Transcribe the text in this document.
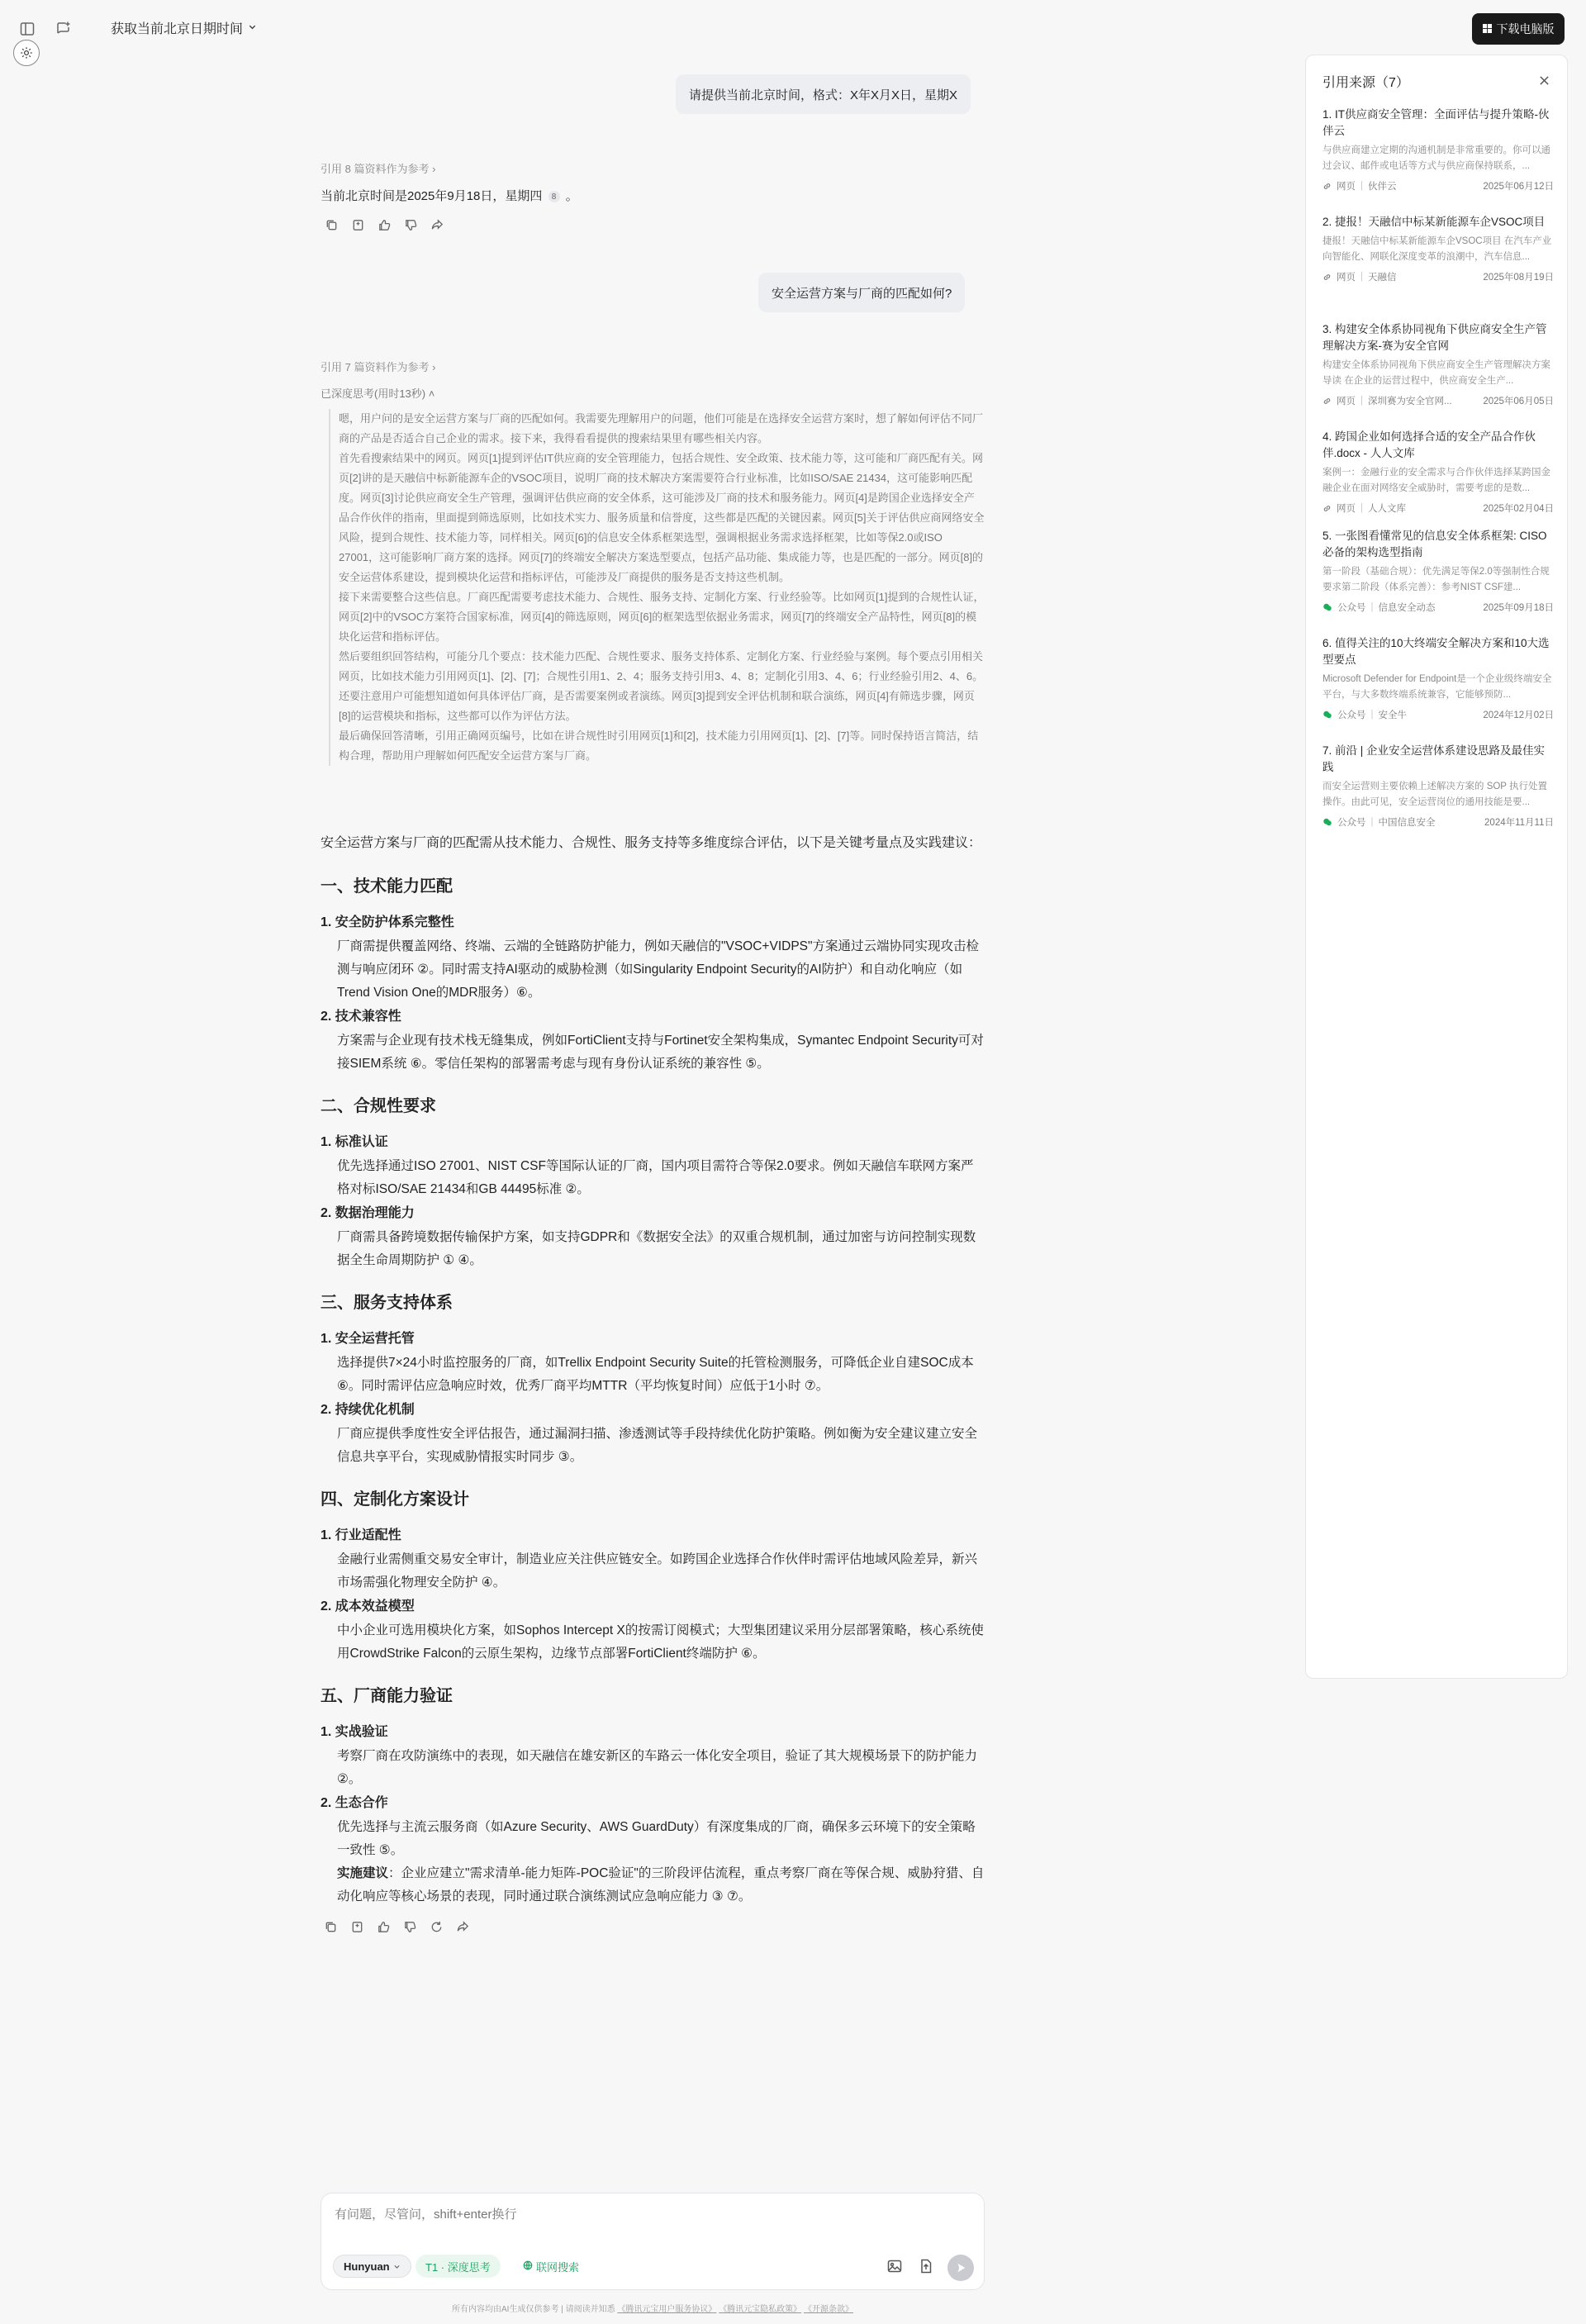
获取当前北京日期时间	下载电脑版
请提供当前北京时间，格式：X年X月X日，星期X
引用 8 篇资料作为参考 ›
当前北京时间是2025年9月18日，星期四 8 。
安全运营方案与厂商的匹配如何?
引用 7 篇资料作为参考 ›
已深度思考(用时13秒) ˄

嗯，用户问的是安全运营方案与厂商的匹配如何。我需要先理解用户的问题，他们可能是在选择安全运营方案时，想了解如何评估不同厂商的产品是否适合自己企业的需求。接下来，我得看看提供的搜索结果里有哪些相关内容。

首先看搜索结果中的网页。网页[1]提到评估IT供应商的安全管理能力，包括合规性、安全政策、技术能力等，这可能和厂商匹配有关。网页[2]讲的是天融信中标新能源车企的VSOC项目，说明厂商的技术解决方案需要符合行业标准，比如ISO/SAE 21434，这可能影响匹配度。网页[3]讨论供应商安全生产管理，强调评估供应商的安全体系，这可能涉及厂商的技术和服务能力。网页[4]是跨国企业选择安全产品合作伙伴的指南，里面提到筛选原则，比如技术实力、服务质量和信誉度，这些都是匹配的关键因素。网页[5]关于评估供应商网络安全风险，提到合规性、技术能力等，同样相关。网页[6]的信息安全体系框架选型，强调根据业务需求选择框架，比如等保2.0或ISO 27001，这可能影响厂商方案的选择。网页[7]的终端安全解决方案选型要点，包括产品功能、集成能力等，也是匹配的一部分。网页[8]的安全运营体系建设，提到模块化运营和指标评估，可能涉及厂商提供的服务是否支持这些机制。

接下来需要整合这些信息。厂商匹配需要考虑技术能力、合规性、服务支持、定制化方案、行业经验等。比如网页[1]提到的合规性认证，网页[2]中的VSOC方案符合国家标准，网页[4]的筛选原则，网页[6]的框架选型依据业务需求，网页[7]的终端安全产品特性，网页[8]的模块化运营和指标评估。

然后要组织回答结构，可能分几个要点：技术能力匹配、合规性要求、服务支持体系、定制化方案、行业经验与案例。每个要点引用相关网页，比如技术能力引用网页[1]、[2]、[7]；合规性引用1、2、4；服务支持引用3、4、8；定制化引用3、4、6；行业经验引用2、4、6。

还要注意用户可能想知道如何具体评估厂商，是否需要案例或者演练。网页[3]提到安全评估机制和联合演练，网页[4]有筛选步骤，网页[8]的运营模块和指标，这些都可以作为评估方法。

最后确保回答清晰，引用正确网页编号，比如在讲合规性时引用网页[1]和[2]，技术能力引用网页[1]、[2]、[7]等。同时保持语言简洁，结构合理，帮助用户理解如何匹配安全运营方案与厂商。

安全运营方案与厂商的匹配需从技术能力、合规性、服务支持等多维度综合评估，以下是关键考量点及实践建议：

一、技术能力匹配
1. 安全防护体系完整性
厂商需提供覆盖网络、终端、云端的全链路防护能力，例如天融信的"VSOC+VIDPS"方案通过云端协同实现攻击检测与响应闭环 ②。同时需支持AI驱动的威胁检测（如Singularity Endpoint Security的AI防护）和自动化响应（如Trend Vision One的MDR服务）⑥。
2. 技术兼容性
方案需与企业现有技术栈无缝集成，例如FortiClient支持与Fortinet安全架构集成，Symantec Endpoint Security可对接SIEM系统 ⑥。零信任架构的部署需考虑与现有身份认证系统的兼容性 ⑤。
二、合规性要求
1. 标准认证
优先选择通过ISO 27001、NIST CSF等国际认证的厂商，国内项目需符合等保2.0要求。例如天融信车联网方案严格对标ISO/SAE 21434和GB 44495标准 ②。
2. 数据治理能力
厂商需具备跨境数据传输保护方案，如支持GDPR和《数据安全法》的双重合规机制，通过加密与访问控制实现数据全生命周期防护 ① ④。
三、服务支持体系
1. 安全运营托管
选择提供7×24小时监控服务的厂商，如Trellix Endpoint Security Suite的托管检测服务，可降低企业自建SOC成本 ⑥。同时需评估应急响应时效，优秀厂商平均MTTR（平均恢复时间）应低于1小时 ⑦。
2. 持续优化机制
厂商应提供季度性安全评估报告，通过漏洞扫描、渗透测试等手段持续优化防护策略。例如衡为安全建议建立安全信息共享平台，实现威胁情报实时同步 ③。
四、定制化方案设计
1. 行业适配性
金融行业需侧重交易安全审计，制造业应关注供应链安全。如跨国企业选择合作伙伴时需评估地域风险差异，新兴市场需强化物理安全防护 ④。
2. 成本效益模型
中小企业可选用模块化方案，如Sophos Intercept X的按需订阅模式；大型集团建议采用分层部署策略，核心系统使用CrowdStrike Falcon的云原生架构，边缘节点部署FortiClient终端防护 ⑥。
五、厂商能力验证
1. 实战验证
考察厂商在攻防演练中的表现，如天融信在雄安新区的车路云一体化安全项目，验证了其大规模场景下的防护能力 ②。
2. 生态合作
优先选择与主流云服务商（如Azure Security、AWS GuardDuty）有深度集成的厂商，确保多云环境下的安全策略一致性 ⑤。
实施建议：企业应建立"需求清单-能力矩阵-POC验证"的三阶段评估流程，重点考察厂商在等保合规、威胁狩猎、自动化响应等核心场景的表现，同时通过联合演练测试应急响应能力 ③ ⑦。
有问题，尽管问，shift+enter换行
Hunyuan	T1 · 深度思考	联网搜索
所有内容均由AI生成仅供参考 | 请阅读并知悉 《腾讯元宝用户服务协议》 《腾讯元宝隐私政策》 《开源条款》
引用来源（7）
1. IT供应商安全管理：全面评估与提升策略-伙伴云
与供应商建立定期的沟通机制是非常重要的。你可以通过会议、邮件或电话等方式与供应商保持联系，...
网页 | 伙伴云	2025年06月12日
2. 捷报！天融信中标某新能源车企VSOC项目
捷报！天融信中标某新能源车企VSOC项目 在汽车产业向智能化、网联化深度变革的浪潮中，汽车信息...
网页 | 天融信	2025年08月19日
3. 构建安全体系协同视角下供应商安全生产管理解决方案-赛为安全官网
构建安全体系协同视角下供应商安全生产管理解决方案 导读 在企业的运营过程中，供应商安全生产...
网页 | 深圳赛为安全官网...	2025年06月05日
4. 跨国企业如何选择合适的安全产品合作伙伴.docx - 人人文库
案例一：金融行业的安全需求与合作伙伴选择某跨国金融企业在面对网络安全威胁时，需要考虑的是数...
网页 | 人人文库	2025年02月04日
5. 一张图看懂常见的信息安全体系框架: CISO必备的架构选型指南
第一阶段（基础合规）：优先满足等保2.0等强制性合规要求第二阶段（体系完善）：参考NIST CSF建...
公众号 | 信息安全动态	2025年09月18日
6. 值得关注的10大终端安全解决方案和10大选型要点
Microsoft Defender for Endpoint是一个企业级终端安全平台，与大多数终端系统兼容，它能够预防...
公众号 | 安全牛	2024年12月02日
7. 前沿 | 企业安全运营体系建设思路及最佳实践
而安全运营则主要依赖上述解决方案的 SOP 执行处置操作。由此可见，安全运营岗位的通用技能是要...
公众号 | 中国信息安全	2024年11月11日
